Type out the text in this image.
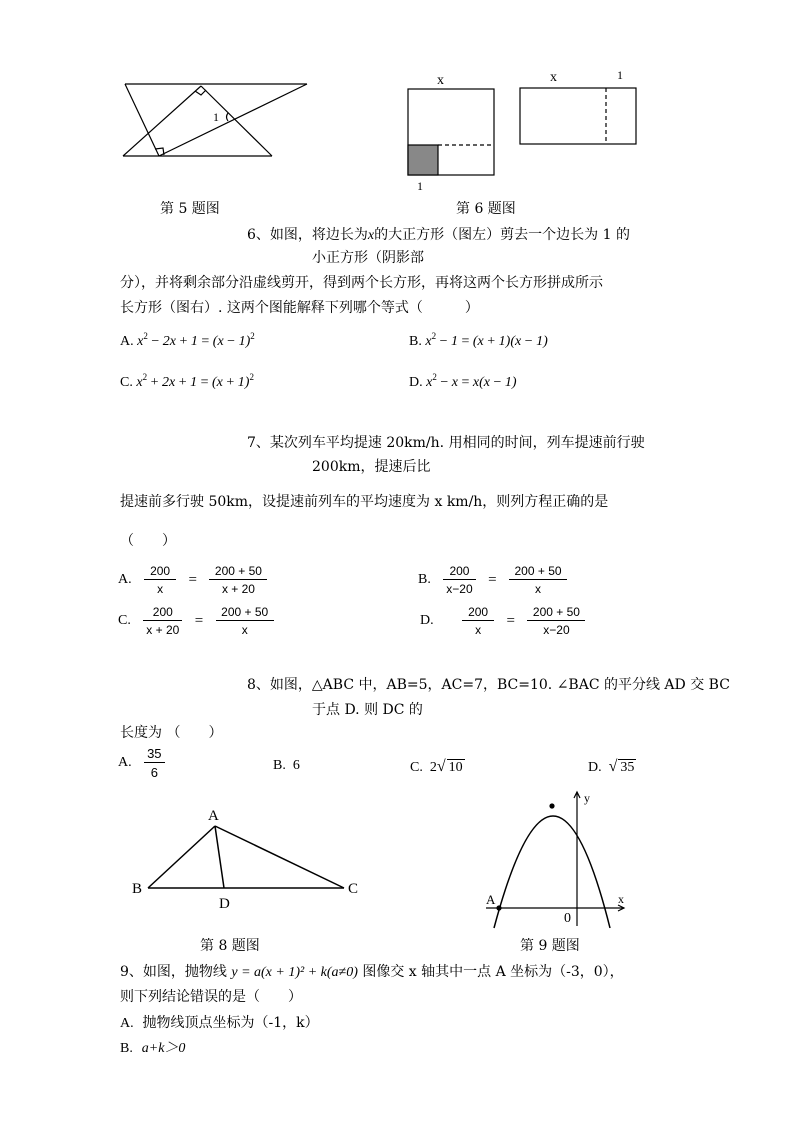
1
第 5 题图
x
1
x	1
第 6 题图
6、如图，将边长为x的大正方形（图左）剪去一个边长为 1 的
小正方形（阴影部
分），并将剩余部分沿虚线剪开，得到两个长方形，再将这两个长方形拼成所示
长方形（图右）. 这两个图能解释下列哪个等式（　　　）
A. $x^2 - 2x + 1 = (x - 1)^2$	B. $x^2 - 1 = (x + 1)(x - 1)$
C. $x^2 + 2x + 1 = (x + 1)^2$	D. $x^2 - x = x(x - 1)$
7、某次列车平均提速 20km/h. 用相同的时间，列车提速前行驶
200km，提速后比
提速前多行驶 50km，设提速前列车的平均速度为 x km/h，则列方程正确的是
（　　）
A. $\frac{200}{x} = \frac{200 + 50}{x + 20}$	B. $\frac{200}{x-20} = \frac{200 + 50}{x}$
C. $\frac{200}{x + 20} = \frac{200 + 50}{x}$	D. $\frac{200}{x} = \frac{200 + 50}{x-20}$
8、如图，△ABC 中，AB=5，AC=7，BC=10. ∠BAC 的平分线 AD 交 BC
于点 D. 则 DC 的
长度为 （　　）
A. $\frac{35}{6}$	B. 6	C. 2√ 10	D. √ 35
A
B	C
D
第 8 题图
y
x
A
0
第 9 题图
9、如图，抛物线 y = a(x + 1)² + k(a≠0) 图像交 x 轴其中一点 A 坐标为（-3，0），
则下列结论错误的是（　　）
A. 抛物线顶点坐标为（-1，k）
B. a+k＞0
